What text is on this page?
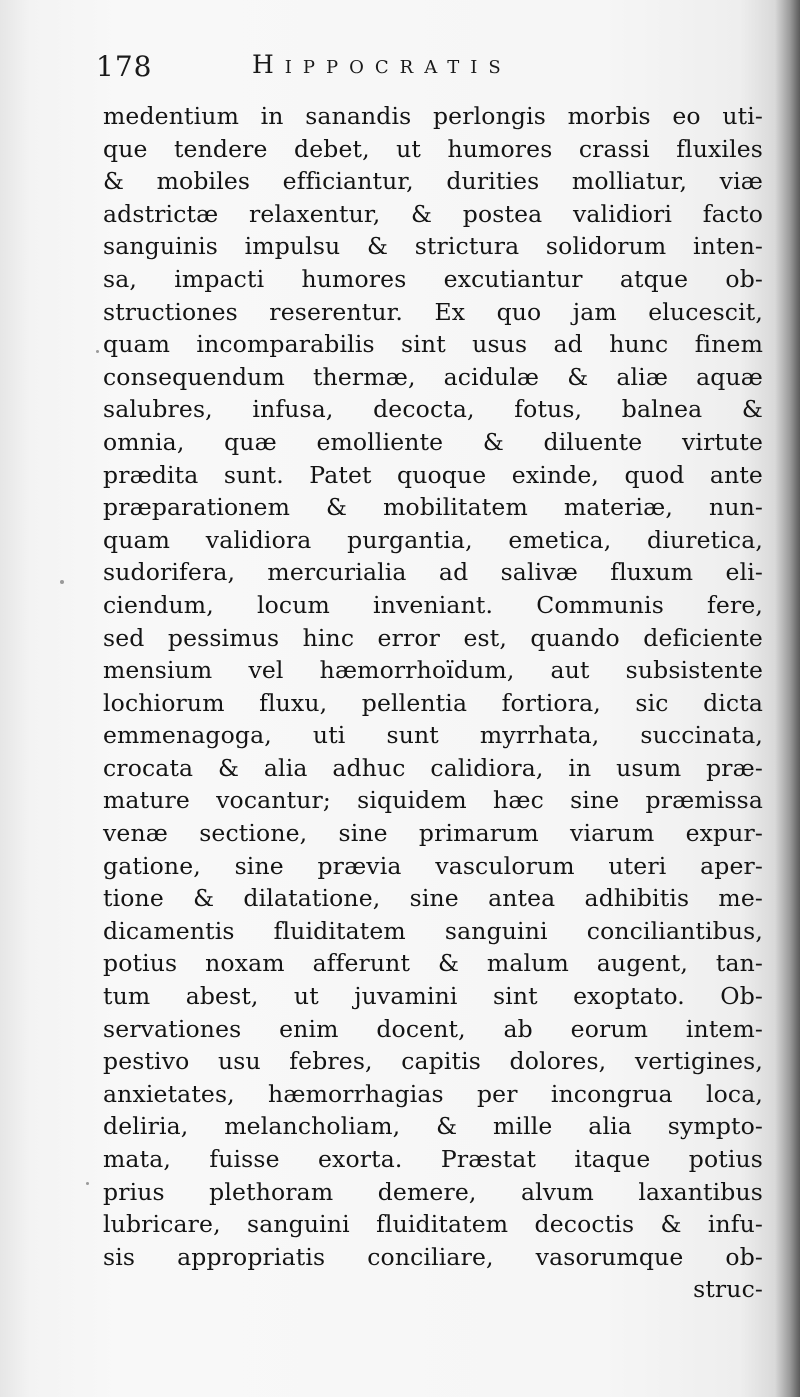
178	Hippocratis
medentium in sanandis perlongis morbis eo uti-
que tendere debet, ut humores crassi fluxiles
& mobiles efficiantur, durities molliatur, viæ
adstrictæ relaxentur, & postea validiori facto
sanguinis impulsu & strictura solidorum inten-
sa, impacti humores excutiantur atque ob-
structiones reserentur. Ex quo jam elucescit,
quam incomparabilis sint usus ad hunc finem
consequendum thermæ, acidulæ & aliæ aquæ
salubres, infusa, decocta, fotus, balnea &
omnia, quæ emolliente & diluente virtute
prædita sunt. Patet quoque exinde, quod ante
præparationem & mobilitatem materiæ, nun-
quam validiora purgantia, emetica, diuretica,
sudorifera, mercurialia ad salivæ fluxum eli-
ciendum, locum inveniant. Communis fere,
sed pessimus hinc error est, quando deficiente
mensium vel hæmorrhoïdum, aut subsistente
lochiorum fluxu, pellentia fortiora, sic dicta
emmenagoga, uti sunt myrrhata, succinata,
crocata & alia adhuc calidiora, in usum præ-
mature vocantur; siquidem hæc sine præmissa
venæ sectione, sine primarum viarum expur-
gatione, sine prævia vasculorum uteri aper-
tione & dilatatione, sine antea adhibitis me-
dicamentis fluiditatem sanguini conciliantibus,
potius noxam afferunt & malum augent, tan-
tum abest, ut juvamini sint exoptato. Ob-
servationes enim docent, ab eorum intem-
pestivo usu febres, capitis dolores, vertigines,
anxietates, hæmorrhagias per incongrua loca,
deliria, melancholiam, & mille alia sympto-
mata, fuisse exorta. Præstat itaque potius
prius plethoram demere, alvum laxantibus
lubricare, sanguini fluiditatem decoctis & infu-
sis appropriatis conciliare, vasorumque ob-
struc-
